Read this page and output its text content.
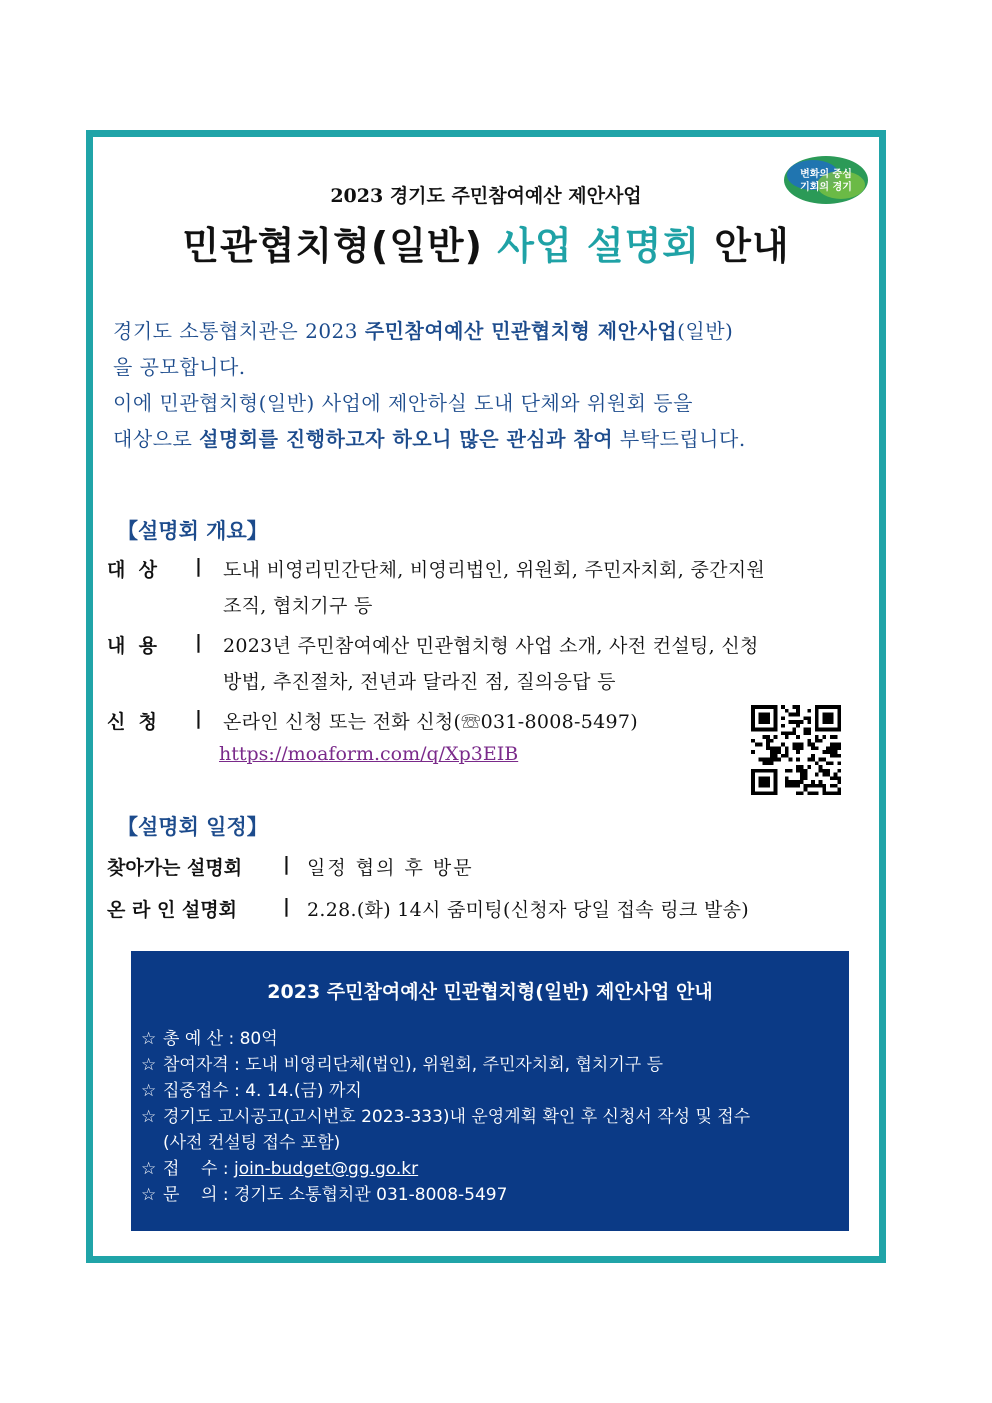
변화의 중심
기회의 경기
2023 경기도 주민참여예산 제안사업
민관협치형(일반) 사업 설명회 안내
경기도 소통협치관은 2023 주민참여예산 민관협치형 제안사업(일반)
을 공모합니다.
이에 민관협치형(일반) 사업에 제안하실 도내 단체와 위원회 등을
대상으로 설명회를 진행하고자 하오니 많은 관심과 참여 부탁드립니다.
【설명회 개요】
대  상	| 도내 비영리민간단체, 비영리법인, 위원회, 주민자치회, 중간지원
조직, 협치기구 등
내  용	| 2023년 주민참여예산 민관협치형 사업 소개, 사전 컨설팅, 신청
방법, 추진절차, 전년과 달라진 점, 질의응답 등
신  청	| 온라인 신청 또는 전화 신청(☏031-8008-5497)
https://moaform.com/q/Xp3EIB
【설명회 일정】
찾아가는 설명회 | 일정 협의 후 방문
온 라 인 설명회 | 2.28.(화) 14시 줌미팅(신청자 당일 접속 링크 발송)
2023 주민참여예산 민관협치형(일반) 제안사업 안내
☆ 총 예 산 : 80억
☆ 참여자격 : 도내 비영리단체(법인), 위원회, 주민자치회, 협치기구 등
☆ 집중접수 : 4. 14.(금) 까지
☆ 경기도 고시공고(고시번호 2023-333)내 운영계획 확인 후 신청서 작성 및 접수
(사전 컨설팅 접수 포함)
☆ 접    수 : join-budget@gg.go.kr
☆ 문    의 : 경기도 소통협치관 031-8008-5497
